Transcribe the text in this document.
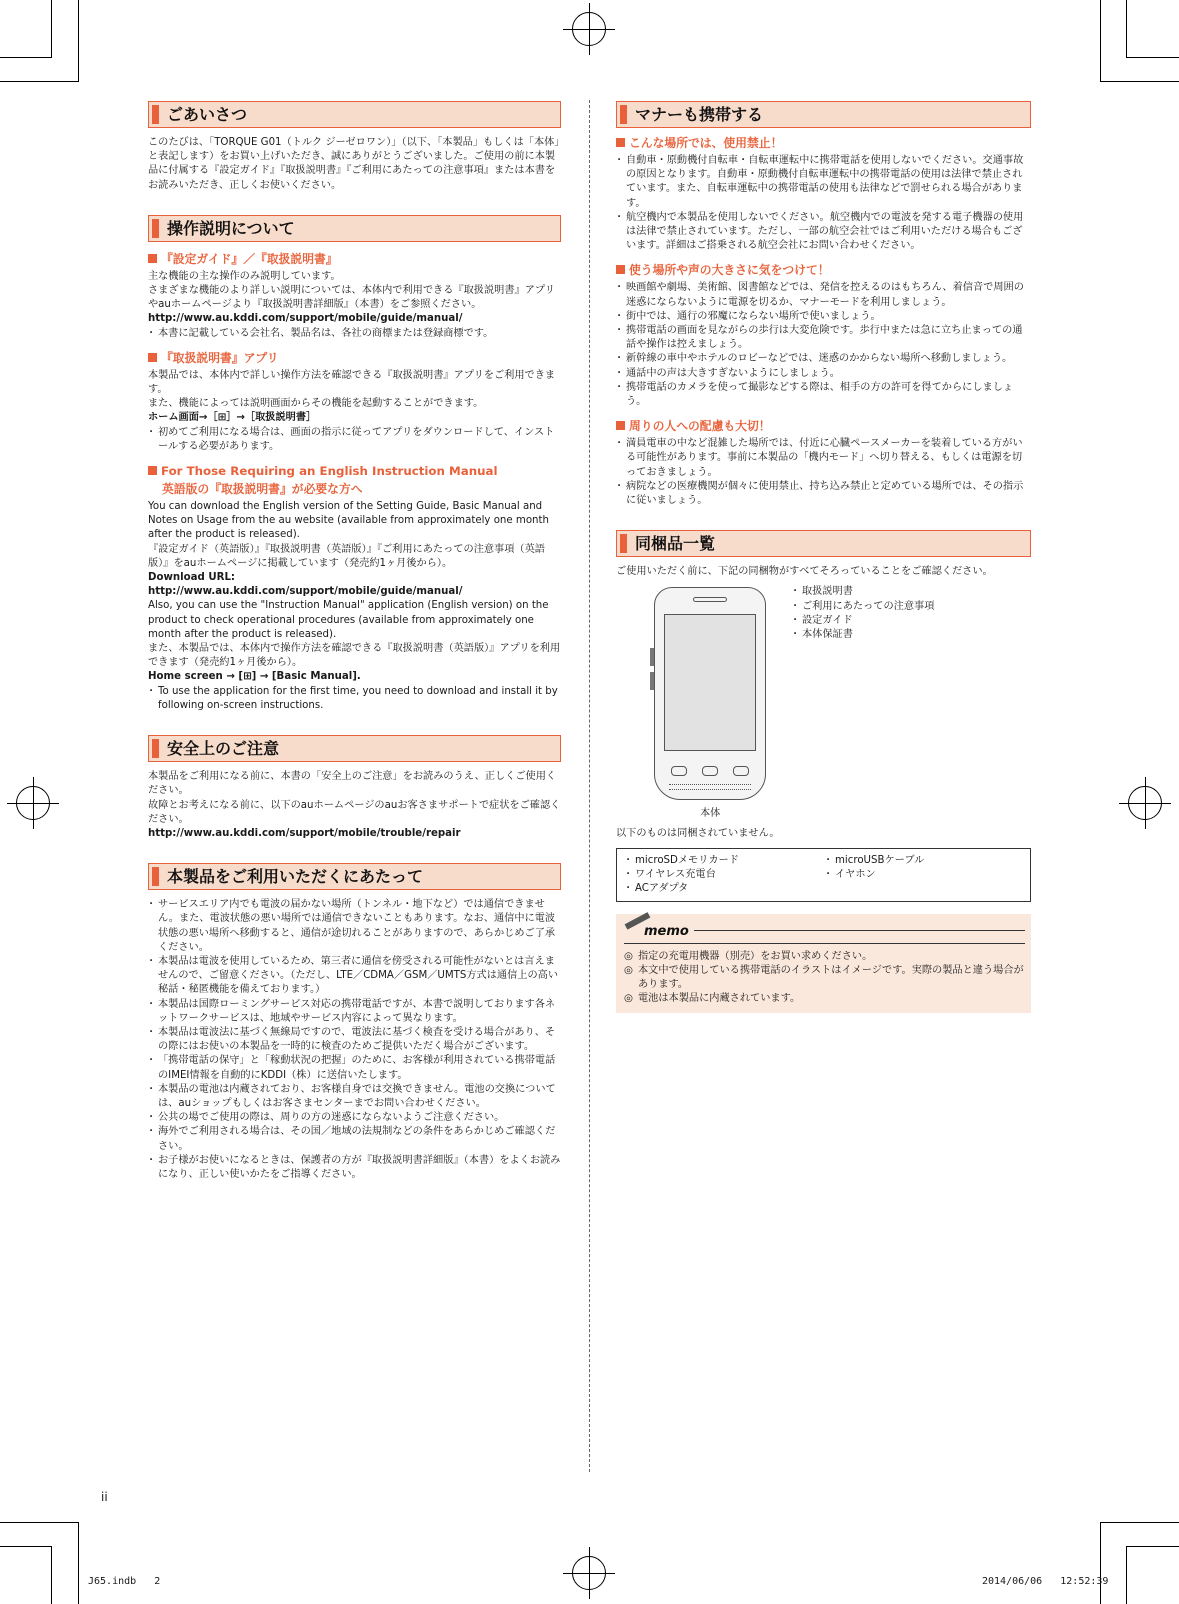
ごあいさつ

このたびは、「TORQUE G01（トルク ジーゼロワン）」（以下、「本製品」もしくは「本体」と表記します）をお買い上げいただき、誠にありがとうございました。ご使用の前に本製品に付属する『設定ガイド』『取扱説明書』『ご利用にあたっての注意事項』または本書をお読みいただき、正しくお使いください。

操作説明について
『設定ガイド』／『取扱説明書』

主な機能の主な操作のみ説明しています。

さまざまな機能のより詳しい説明については、本体内で利用できる『取扱説明書』アプリやauホームページより『取扱説明書詳細版』（本書）をご参照ください。

http://www.au.kddi.com/support/mobile/guide/manual/

・ 本書に記載している会社名、製品名は、各社の商標または登録商標です。
『取扱説明書』アプリ

本製品では、本体内で詳しい操作方法を確認できる『取扱説明書』アプリをご利用できます。

また、機能によっては説明画面からその機能を起動することができます。

ホーム画面→［⊞］→［取扱説明書］

・ 初めてご利用になる場合は、画面の指示に従ってアプリをダウンロードして、インストールする必要があります。
For Those Requiring an English Instruction Manual
英語版の『取扱説明書』が必要な方へ

You can download the English version of the Setting Guide, Basic Manual and Notes on Usage from the au website (available from approximately one month after the product is released).

『設定ガイド（英語版）』『取扱説明書（英語版）』『ご利用にあたっての注意事項（英語版）』をauホームページに掲載しています（発売約1ヶ月後から）。

Download URL:

http://www.au.kddi.com/support/mobile/guide/manual/

Also, you can use the "Instruction Manual" application (English version) on the product to check operational procedures (available from approximately one month after the product is released).

また、本製品では、本体内で操作方法を確認できる『取扱説明書（英語版）』アプリを利用できます（発売約1ヶ月後から）。

Home screen → [⊞] → [Basic Manual].

・ To use the application for the first time, you need to download and install it by following on-screen instructions.
安全上のご注意

本製品をご利用になる前に、本書の「安全上のご注意」をお読みのうえ、正しくご使用ください。

故障とお考えになる前に、以下のauホームページのauお客さまサポートで症状をご確認ください。

http://www.au.kddi.com/support/mobile/trouble/repair

本製品をご利用いただくにあたって
・ サービスエリア内でも電波の届かない場所（トンネル・地下など）では通信できません。また、電波状態の悪い場所では通信できないこともあります。なお、通信中に電波状態の悪い場所へ移動すると、通信が途切れることがありますので、あらかじめご了承ください。
・ 本製品は電波を使用しているため、第三者に通信を傍受される可能性がないとは言えませんので、ご留意ください。（ただし、LTE／CDMA／GSM／UMTS方式は通信上の高い秘話・秘匿機能を備えております。）
・ 本製品は国際ローミングサービス対応の携帯電話ですが、本書で説明しております各ネットワークサービスは、地域やサービス内容によって異なります。
・ 本製品は電波法に基づく無線局ですので、電波法に基づく検査を受ける場合があり、その際にはお使いの本製品を一時的に検査のためご提供いただく場合がございます。
・ 「携帯電話の保守」と「稼動状況の把握」のために、お客様が利用されている携帯電話のIMEI情報を自動的にKDDI（株）に送信いたします。
・ 本製品の電池は内蔵されており、お客様自身では交換できません。電池の交換については、auショップもしくはお客さまセンターまでお問い合わせください。
・ 公共の場でご使用の際は、周りの方の迷惑にならないようご注意ください。
・ 海外でご利用される場合は、その国／地域の法規制などの条件をあらかじめご確認ください。
・ お子様がお使いになるときは、保護者の方が『取扱説明書詳細版』（本書）をよくお読みになり、正しい使いかたをご指導ください。
マナーも携帯する
こんな場所では、使用禁止！
・ 自動車・原動機付自転車・自転車運転中に携帯電話を使用しないでください。交通事故の原因となります。自動車・原動機付自転車運転中の携帯電話の使用は法律で禁止されています。また、自転車運転中の携帯電話の使用も法律などで罰せられる場合があります。
・ 航空機内で本製品を使用しないでください。航空機内での電波を発する電子機器の使用は法律で禁止されています。ただし、一部の航空会社ではご利用いただける場合もございます。詳細はご搭乗される航空会社にお問い合わせください。
使う場所や声の大きさに気をつけて！
・ 映画館や劇場、美術館、図書館などでは、発信を控えるのはもちろん、着信音で周囲の迷惑にならないように電源を切るか、マナーモードを利用しましょう。
・ 街中では、通行の邪魔にならない場所で使いましょう。
・ 携帯電話の画面を見ながらの歩行は大変危険です。歩行中または急に立ち止まっての通話や操作は控えましょう。
・ 新幹線の車中やホテルのロビーなどでは、迷惑のかからない場所へ移動しましょう。
・ 通話中の声は大きすぎないようにしましょう。
・ 携帯電話のカメラを使って撮影などする際は、相手の方の許可を得てからにしましょう。
周りの人への配慮も大切！
・ 満員電車の中など混雑した場所では、付近に心臓ペースメーカーを装着している方がいる可能性があります。事前に本製品の「機内モード」へ切り替える、もしくは電源を切っておきましょう。
・ 病院などの医療機関が個々に使用禁止、持ち込み禁止と定めている場所では、その指示に従いましょう。
同梱品一覧

ご使用いただく前に、下記の同梱物がすべてそろっていることをご確認ください。

本体
・ 取扱説明書
・ ご利用にあたっての注意事項
・ 設定ガイド
・ 本体保証書

以下のものは同梱されていません。

・ microSDメモリカード
・ ワイヤレス充電台
・ ACアダプタ
・ microUSBケーブル
・ イヤホン
memo
◎ 指定の充電用機器（別売）をお買い求めください。
◎ 本文中で使用している携帯電話のイラストはイメージです。実際の製品と違う場合があります。
◎ 電池は本製品に内蔵されています。
ii
J65.indb   2	2014/06/06   12:52:39
